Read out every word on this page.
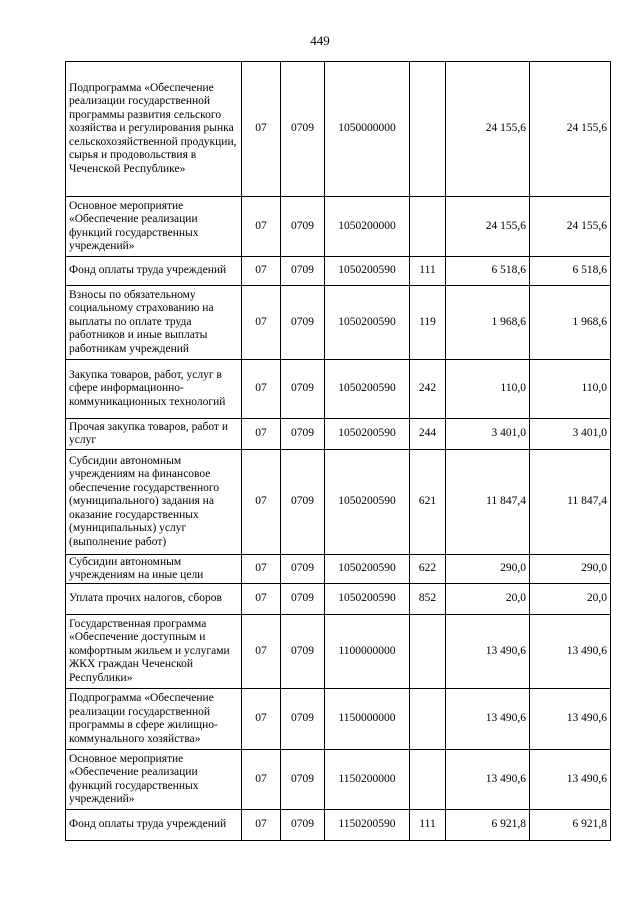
449
Подпрограмма «Обеспечение реализации государственной программы развития сельского хозяйства и регулирования рынка сельскохозяйственной продукции, сырья и продовольствия в Чеченской Республике»	07	0709	1050000000		24 155,6	24 155,6
Основное мероприятие «Обеспечение реализации функций государственных учреждений»	07	0709	1050200000		24 155,6	24 155,6
Фонд оплаты труда учреждений	07	0709	1050200590	111	6 518,6	6 518,6
Взносы по обязательному социальному страхованию на выплаты по оплате труда работников и иные выплаты работникам учреждений	07	0709	1050200590	119	1 968,6	1 968,6
Закупка товаров, работ, услуг в сфере информационно-коммуникационных технологий	07	0709	1050200590	242	110,0	110,0
Прочая закупка товаров, работ и услуг	07	0709	1050200590	244	3 401,0	3 401,0
Субсидии автономным учреждениям на финансовое обеспечение государственного (муниципального) задания на оказание государственных (муниципальных) услуг (выполнение работ)	07	0709	1050200590	621	11 847,4	11 847,4
Субсидии автономным учреждениям на иные цели	07	0709	1050200590	622	290,0	290,0
Уплата прочих налогов, сборов	07	0709	1050200590	852	20,0	20,0
Государственная программа «Обеспечение доступным и комфортным жильем и услугами ЖКХ граждан Чеченской Республики»	07	0709	1100000000		13 490,6	13 490,6
Подпрограмма «Обеспечение реализации государственной программы в сфере жилищно-коммунального хозяйства»	07	0709	1150000000		13 490,6	13 490,6
Основное мероприятие «Обеспечение реализации функций государственных учреждений»	07	0709	1150200000		13 490,6	13 490,6
Фонд оплаты труда учреждений	07	0709	1150200590	111	6 921,8	6 921,8
